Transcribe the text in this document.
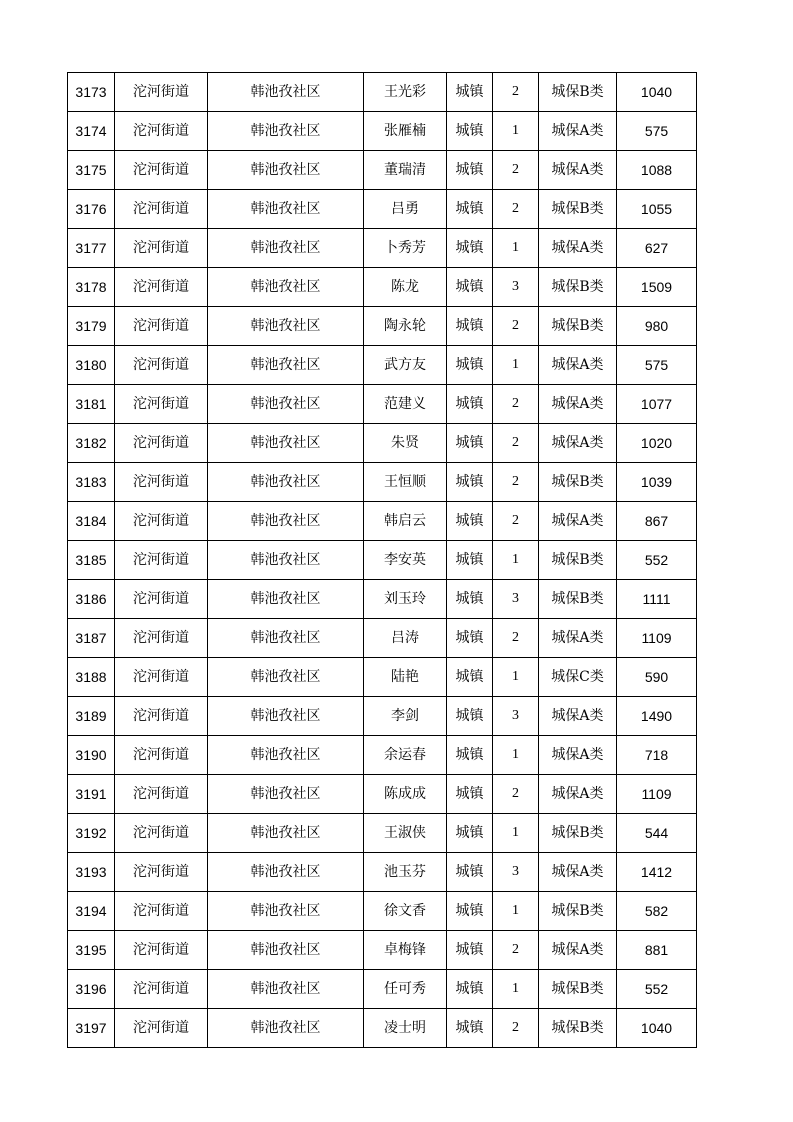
3173	沱河街道	韩池孜社区	王光彩	城镇	2	城保B类	1040
3174	沱河街道	韩池孜社区	张雁楠	城镇	1	城保A类	575
3175	沱河街道	韩池孜社区	董瑞清	城镇	2	城保A类	1088
3176	沱河街道	韩池孜社区	吕勇	城镇	2	城保B类	1055
3177	沱河街道	韩池孜社区	卜秀芳	城镇	1	城保A类	627
3178	沱河街道	韩池孜社区	陈龙	城镇	3	城保B类	1509
3179	沱河街道	韩池孜社区	陶永轮	城镇	2	城保B类	980
3180	沱河街道	韩池孜社区	武方友	城镇	1	城保A类	575
3181	沱河街道	韩池孜社区	范建义	城镇	2	城保A类	1077
3182	沱河街道	韩池孜社区	朱贤	城镇	2	城保A类	1020
3183	沱河街道	韩池孜社区	王恒顺	城镇	2	城保B类	1039
3184	沱河街道	韩池孜社区	韩启云	城镇	2	城保A类	867
3185	沱河街道	韩池孜社区	李安英	城镇	1	城保B类	552
3186	沱河街道	韩池孜社区	刘玉玲	城镇	3	城保B类	1111
3187	沱河街道	韩池孜社区	吕涛	城镇	2	城保A类	1109
3188	沱河街道	韩池孜社区	陆艳	城镇	1	城保C类	590
3189	沱河街道	韩池孜社区	李剑	城镇	3	城保A类	1490
3190	沱河街道	韩池孜社区	余运春	城镇	1	城保A类	718
3191	沱河街道	韩池孜社区	陈成成	城镇	2	城保A类	1109
3192	沱河街道	韩池孜社区	王淑侠	城镇	1	城保B类	544
3193	沱河街道	韩池孜社区	池玉芬	城镇	3	城保A类	1412
3194	沱河街道	韩池孜社区	徐文香	城镇	1	城保B类	582
3195	沱河街道	韩池孜社区	卓梅锋	城镇	2	城保A类	881
3196	沱河街道	韩池孜社区	任可秀	城镇	1	城保B类	552
3197	沱河街道	韩池孜社区	凌士明	城镇	2	城保B类	1040
